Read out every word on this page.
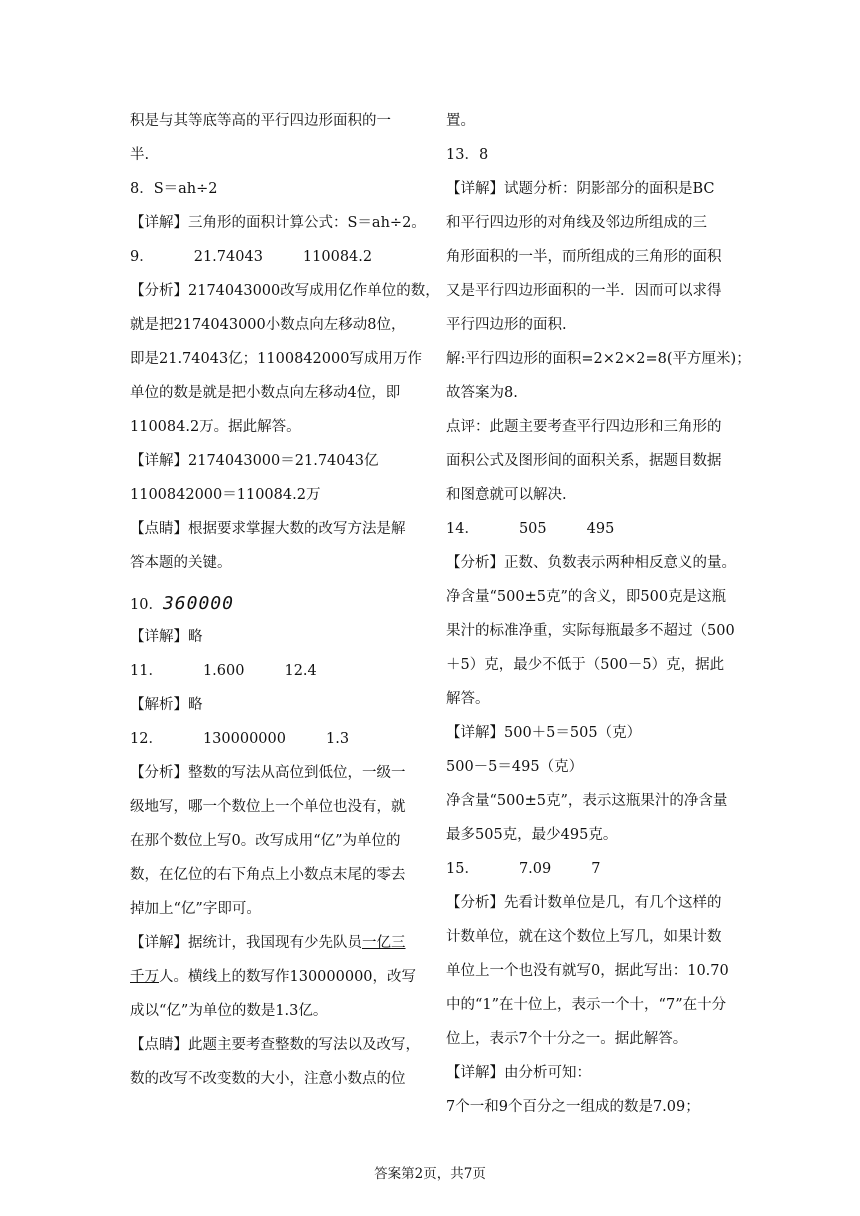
积是与其等底等高的平行四边形面积的一
半.
8．S＝ah÷2
【详解】三角形的面积计算公式：S＝ah÷2。
9．	21.74043	110084.2
【分析】2174043000改写成用亿作单位的数，
就是把2174043000小数点向左移动8位，
即是21.74043亿；1100842000写成用万作
单位的数是就是把小数点向左移动4位，即
110084.2万。据此解答。
【详解】2174043000＝21.74043亿
1100842000＝110084.2万
【点睛】根据要求掌握大数的改写方法是解
答本题的关键。
10．360000
【详解】略
11．	1.600	12.4
【解析】略
12．	130000000	1.3
【分析】整数的写法从高位到低位，一级一
级地写，哪一个数位上一个单位也没有，就
在那个数位上写0。改写成用“亿”为单位的
数，在亿位的右下角点上小数点末尾的零去
掉加上“亿”字即可。
【详解】据统计，我国现有少先队员一亿三
千万人。横线上的数写作130000000，改写
成以“亿”为单位的数是1.3亿。
【点睛】此题主要考查整数的写法以及改写，
数的改写不改变数的大小，注意小数点的位
置。
13．8
【详解】试题分析：阴影部分的面积是BC
和平行四边形的对角线及邻边所组成的三
角形面积的一半，而所组成的三角形的面积
又是平行四边形面积的一半．因而可以求得
平行四边形的面积.
解:平行四边形的面积=2×2×2=8(平方厘米)；
故答案为8.
点评：此题主要考查平行四边形和三角形的
面积公式及图形间的面积关系，据题目数据
和图意就可以解决.
14．	505	495
【分析】正数、负数表示两种相反意义的量。
净含量“500±5克”的含义，即500克是这瓶
果汁的标准净重，实际每瓶最多不超过（500
＋5）克，最少不低于（500－5）克，据此
解答。
【详解】500＋5＝505（克）
500－5＝495（克）
净含量“500±5克”，表示这瓶果汁的净含量
最多505克，最少495克。
15．	7.09	7
【分析】先看计数单位是几，有几个这样的
计数单位，就在这个数位上写几，如果计数
单位上一个也没有就写0，据此写出：10.70
中的“1”在十位上，表示一个十，“7”在十分
位上，表示7个十分之一。据此解答。
【详解】由分析可知：
7个一和9个百分之一组成的数是7.09；
答案第2页，共7页
